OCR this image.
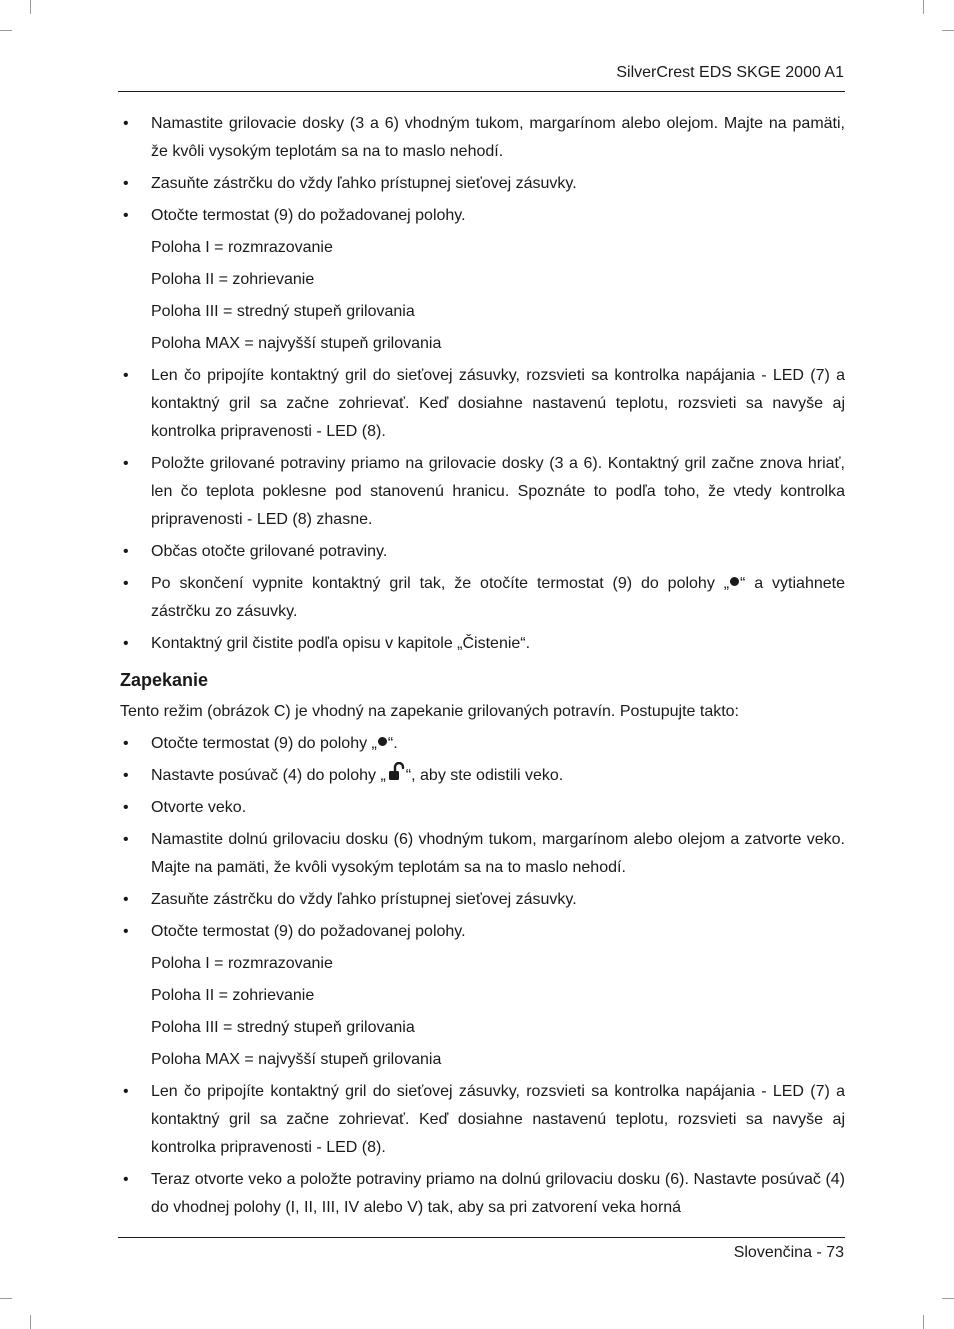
SilverCrest EDS SKGE 2000 A1
• Namastite grilovacie dosky (3 a 6) vhodným tukom, margarínom alebo olejom. Majte na pamäti, že kvôli vysokým teplotám sa na to maslo nehodí.
• Zasuňte zástrčku do vždy ľahko prístupnej sieťovej zásuvky.
• Otočte termostat (9) do požadovanej polohy.
Poloha I = rozmrazovanie
Poloha II = zohrievanie
Poloha III = stredný stupeň grilovania
Poloha MAX = najvyšší stupeň grilovania
• Len čo pripojíte kontaktný gril do sieťovej zásuvky, rozsvieti sa kontrolka napájania - LED (7) a kontaktný gril sa začne zohrievať. Keď dosiahne nastavenú teplotu, rozsvieti sa navyše aj kontrolka pripravenosti - LED (8).
• Položte grilované potraviny priamo na grilovacie dosky (3 a 6). Kontaktný gril začne znova hriať, len čo teplota poklesne pod stanovenú hranicu. Spoznáte to podľa toho, že vtedy kontrolka pripravenosti - LED (8) zhasne.
• Občas otočte grilované potraviny.
• Po skončení vypnite kontaktný gril tak, že otočíte termostat (9) do polohy „ “ a vytiahnete zástrčku zo zásuvky.
• Kontaktný gril čistite podľa opisu v kapitole „Čistenie“.
Zapekanie
Tento režim (obrázok C) je vhodný na zapekanie grilovaných potravín. Postupujte takto:
• Otočte termostat (9) do polohy „ “.
• Nastavte posúvač (4) do polohy „ “, aby ste odistili veko.
• Otvorte veko.
• Namastite dolnú grilovaciu dosku (6) vhodným tukom, margarínom alebo olejom a zatvorte veko. Majte na pamäti, že kvôli vysokým teplotám sa na to maslo nehodí.
• Zasuňte zástrčku do vždy ľahko prístupnej sieťovej zásuvky.
• Otočte termostat (9) do požadovanej polohy.
Poloha I = rozmrazovanie
Poloha II = zohrievanie
Poloha III = stredný stupeň grilovania
Poloha MAX = najvyšší stupeň grilovania
• Len čo pripojíte kontaktný gril do sieťovej zásuvky, rozsvieti sa kontrolka napájania - LED (7) a kontaktný gril sa začne zohrievať. Keď dosiahne nastavenú teplotu, rozsvieti sa navyše aj kontrolka pripravenosti - LED (8).
• Teraz otvorte veko a položte potraviny priamo na dolnú grilovaciu dosku (6). Nastavte posúvač (4) do vhodnej polohy (I, II, III, IV alebo V) tak, aby sa pri zatvorení veka horná
Slovenčina - 73
